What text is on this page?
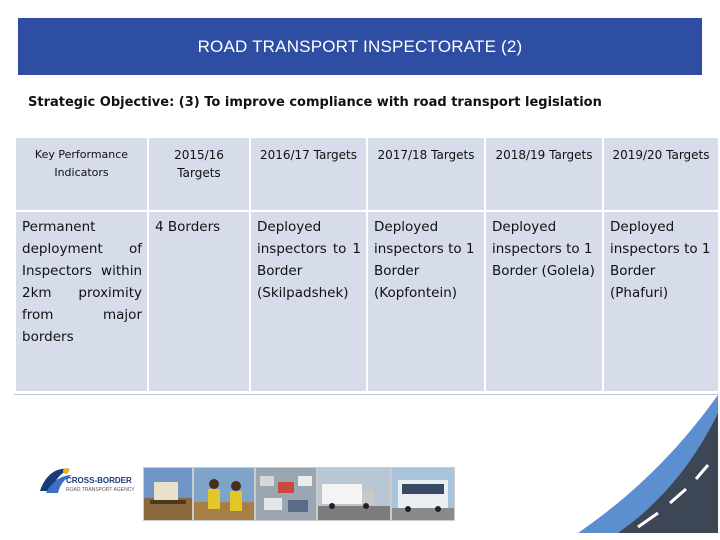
ROAD TRANSPORT INSPECTORATE (2)
Strategic Objective: (3) To improve compliance with road transport legislation
Key Performance Indicators	2015/16 Targets	2016/17 Targets	2017/18 Targets	2018/19 Targets	2019/20 Targets
Permanent deployment of Inspectors within 2km proximity from major borders	4 Borders	Deployed inspectors to 1 Border (Skilpadshek)	Deployed inspectors to 1 Border (Kopfontein)	Deployed inspectors to 1 Border (Golela)	Deployed inspectors to 1 Border (Phafuri)
CROSS-BORDER
ROAD TRANSPORT AGENCY
